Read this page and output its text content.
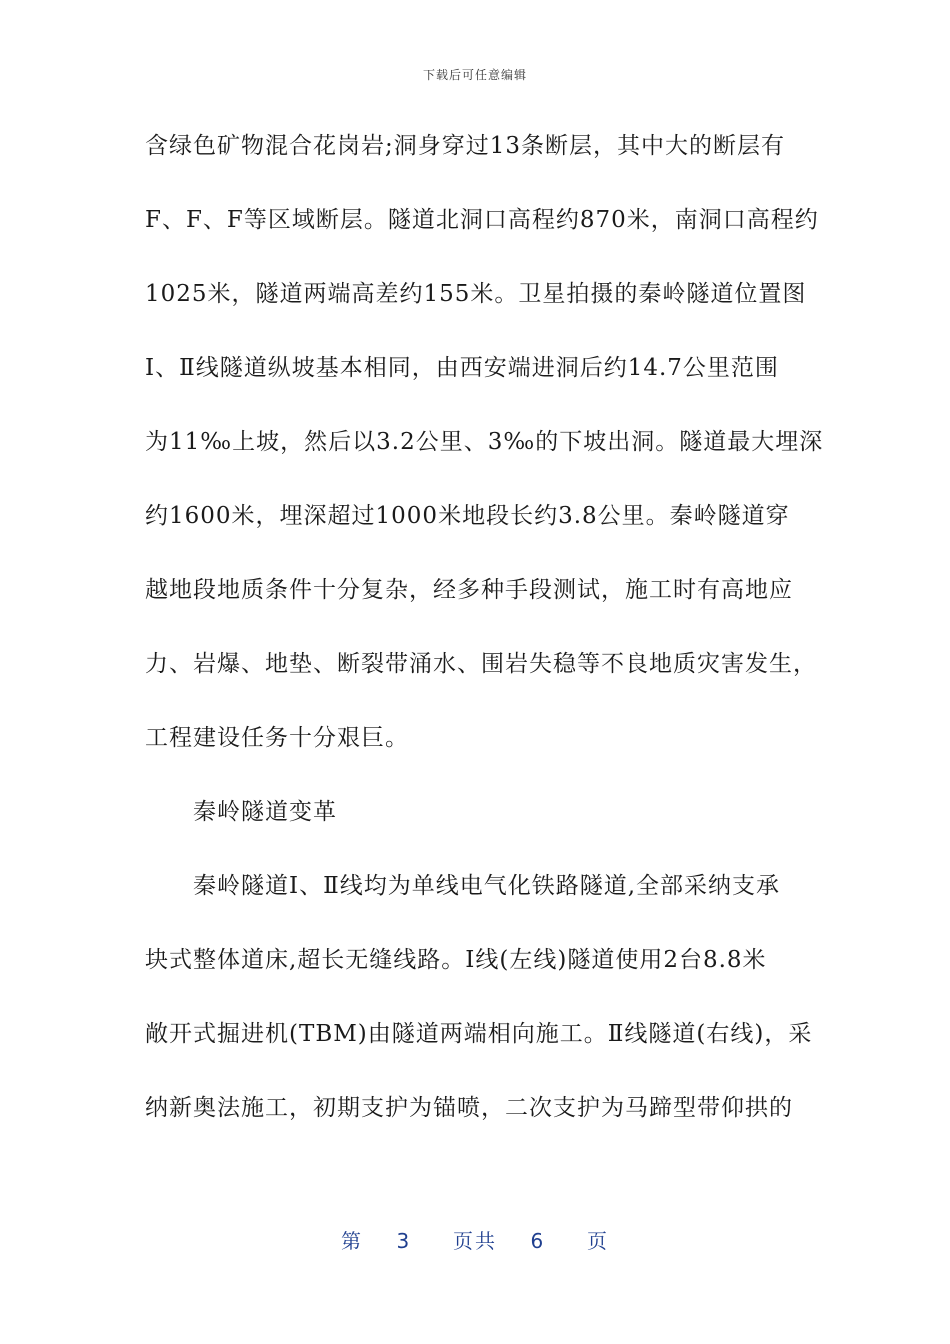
下载后可任意编辑
含绿色矿物混合花岗岩;洞身穿过13条断层，其中大的断层有
F、F、F等区域断层。隧道北洞口高程约870米，南洞口高程约
1025米，隧道两端高差约155米。卫星拍摄的秦岭隧道位置图
Ⅰ、Ⅱ线隧道纵坡基本相同，由西安端进洞后约14.7公里范围
为11‰上坡，然后以3.2公里、3‰的下坡出洞。隧道最大埋深
约1600米，埋深超过1000米地段长约3.8公里。秦岭隧道穿
越地段地质条件十分复杂，经多种手段测试，施工时有高地应
力、岩爆、地垫、断裂带涌水、围岩失稳等不良地质灾害发生，
工程建设任务十分艰巨。
秦岭隧道变革
秦岭隧道Ⅰ、Ⅱ线均为单线电气化铁路隧道,全部采纳支承
块式整体道床,超长无缝线路。Ⅰ线(左线)隧道使用2台8.8米
敞开式掘进机(TBM)由隧道两端相向施工。Ⅱ线隧道(右线)，采
纳新奥法施工，初期支护为锚喷，二次支护为马蹄型带仰拱的
第 3 页共 6 页
